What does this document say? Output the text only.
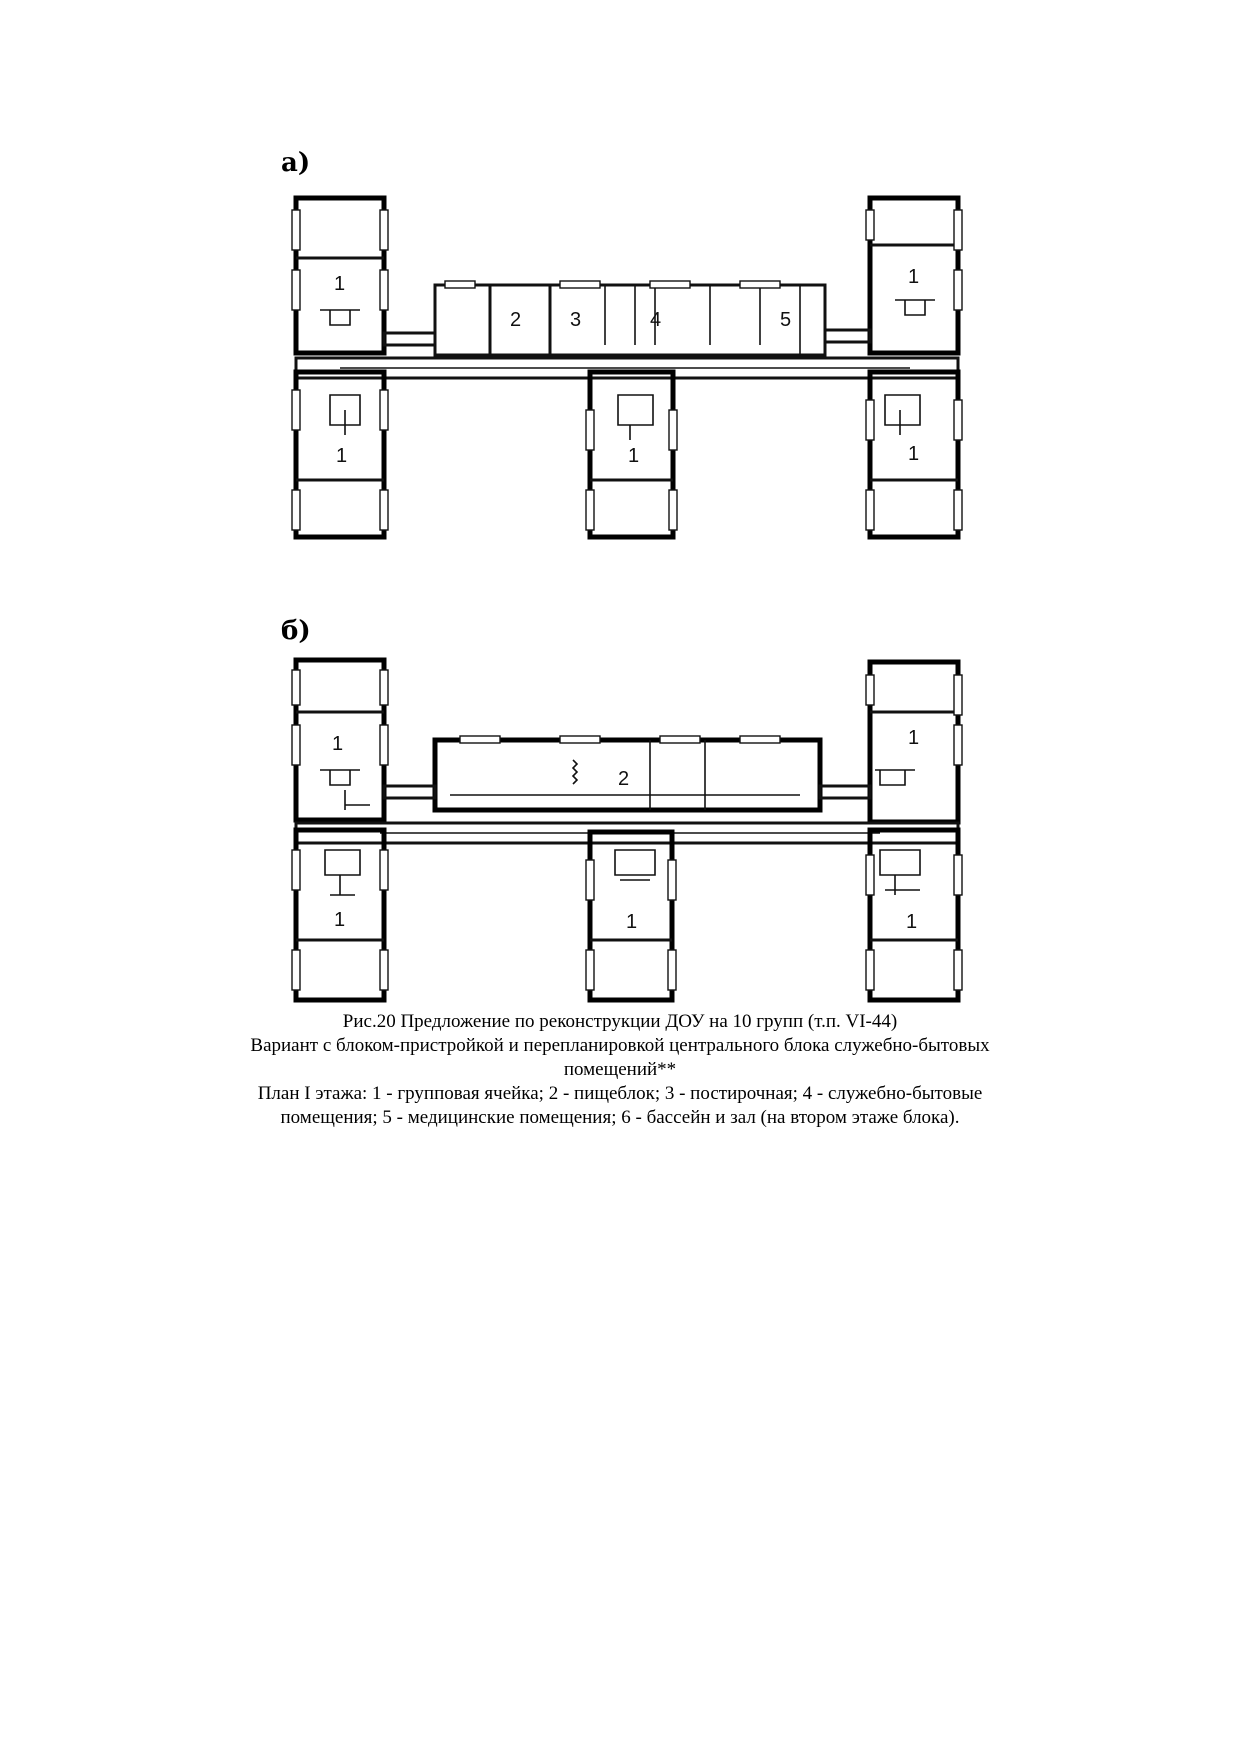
а)
1	1
2 3	4	5
1	1	1
б)
1	1
2
1	1	1
Рис.20 Предложение по реконструкции ДОУ на 10 групп (т.п. VI-44)
Вариант с блоком-пристройкой и перепланировкой центрального блока служебно-бытовых
помещений**
План I этажа: 1 - групповая ячейка; 2 - пищеблок; 3 - постирочная; 4 - служебно-бытовые
помещения; 5 - медицинские помещения; 6 - бассейн и зал (на втором этаже блока).
